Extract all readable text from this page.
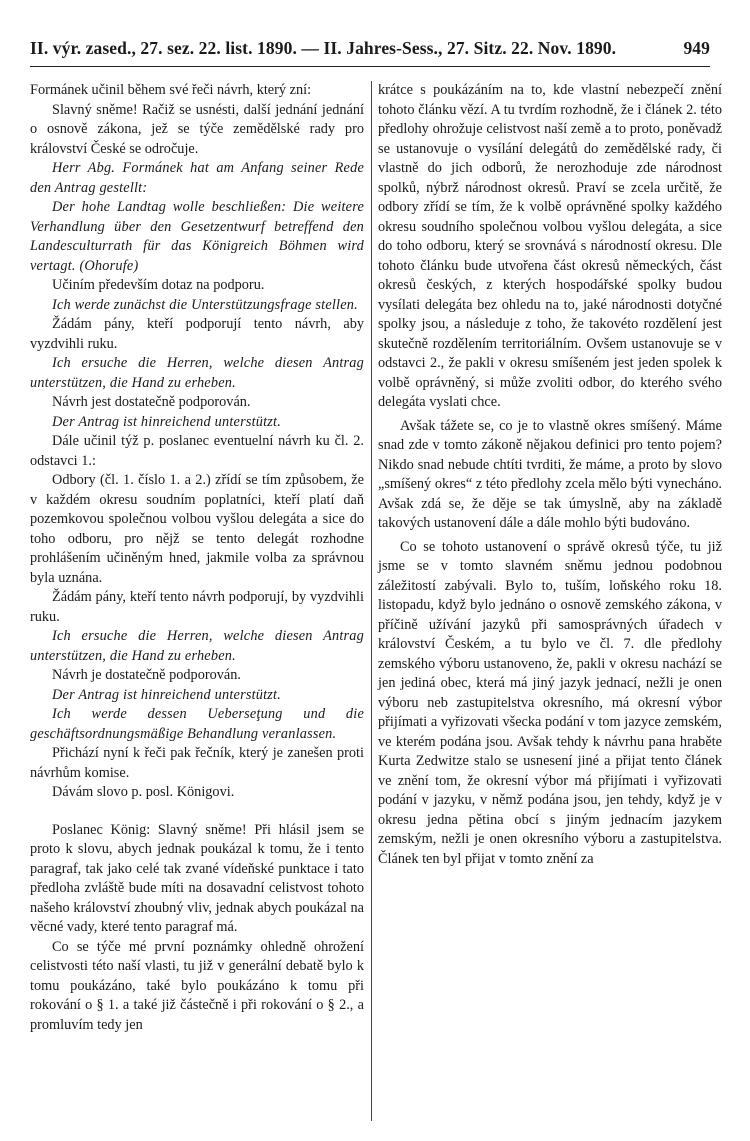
II. výr. zased., 27. sez. 22. list. 1890. — II. Jahres-Sess., 27. Sitz. 22. Nov. 1890.	949

Formánek učinil během své řeči návrh, který zní:

Slavný sněme! Račiž se usnésti, další jednání jednání o osnově zákona, jež se týče zemědělské rady pro království České se odročuje.

Herr Abg. Formánek hat am Anfang seiner Rede den Antrag gestellt:

Der hohe Landtag wolle beschließen: Die weitere Verhandlung über den Gesetzentwurf betreffend den Landesculturrath für das Königreich Böhmen wird vertagt. (Ohorufe)

Učiním především dotaz na podporu.

Ich werde zunächst die Unterstützungsfrage stellen.

Žádám pány, kteří podporují tento návrh, aby vyzdvihli ruku.

Ich ersuche die Herren, welche diesen Antrag unterstützen, die Hand zu erheben.

Návrh jest dostatečně podporován.

Der Antrag ist hinreichend unterstützt.

Dále učinil týž p. poslanec eventuelní návrh ku čl. 2. odstavci 1.:

Odbory (čl. 1. číslo 1. a 2.) zřídí se tím způsobem, že v každém okresu soudním poplatníci, kteří platí daň pozemkovou společnou volbou vyšlou delegáta a sice do toho odboru, pro nějž se tento delegát rozhodne prohlášením učiněným hned, jakmile volba za správnou byla uznána.

Žádám pány, kteří tento návrh podporují, by vyzdvihli ruku.

Ich ersuche die Herren, welche diesen Antrag unterstützen, die Hand zu erheben.

Návrh je dostatečně podporován.

Der Antrag ist hinreichend unterstützt.

Ich werde dessen Ueberseţung und die geschäftsordnungsmäßige Behandlung veranlassen.

Přichází nyní k řeči pak řečník, který je zanešen proti návrhům komise.

Dávám slovo p. posl. Königovi.

Poslanec König: Slavný sněme! Při hlásil jsem se proto k slovu, abych jednak poukázal k tomu, že i tento paragraf, tak jako celé tak zvané vídeňské punktace i tato předloha zvláště bude míti na dosavadní celistvost tohoto našeho království zhoubný vliv, jednak abych poukázal na věcné vady, které tento paragraf má.

Co se týče mé první poznámky ohledně ohrožení celistvosti této naší vlasti, tu již v generální debatě bylo k tomu poukázáno, také bylo poukázáno k tomu při rokování o § 1. a také již částečně i při rokování o § 2., a promluvím tedy jen

krátce s poukázáním na to, kde vlastní nebezpečí znění tohoto článku vězí. A tu tvrdím rozhodně, že i článek 2. této předlohy ohrožuje celistvost naší země a to proto, poněvadž se ustanovuje o vysílání delegátů do zemědělské rady, či vlastně do jich odborů, že nerozhoduje zde národnost spolků, nýbrž národnost okresů. Praví se zcela určitě, že odbory zřídí se tím, že k volbě oprávněné spolky každého okresu soudního společnou volbou vyšlou delegáta, a sice do toho odboru, který se srovnává s národností okresu. Dle tohoto článku bude utvořena část okresů německých, část okresů českých, z kterých hospodářské spolky budou vysílati delegáta bez ohledu na to, jaké národnosti dotyčné spolky jsou, a následuje z toho, že takovéto rozdělení jest skutečně rozdělením territoriálním. Ovšem ustanovuje se v odstavci 2., že pakli v okresu smíšeném jest jeden spolek k volbě oprávněný, si může zvoliti odbor, do kterého svého delegáta vyslati chce.

Avšak tážete se, co je to vlastně okres smíšený. Máme snad zde v tomto zákoně nějakou definici pro tento pojem? Nikdo snad nebude chtíti tvrditi, že máme, a proto by slovo „smíšený okres“ z této předlohy zcela mělo býti vynecháno. Avšak zdá se, že děje se tak úmyslně, aby na základě takových ustanovení dále a dále mohlo býti budováno.

Co se tohoto ustanovení o správě okresů týče, tu již jsme se v tomto slavném sněmu jednou podobnou záležitostí zabývali. Bylo to, tuším, loňského roku 18. listopadu, když bylo jednáno o osnově zemského zákona, v příčině užívání jazyků při samosprávných úřadech v království Českém, a tu bylo ve čl. 7. dle předlohy zemského výboru ustanoveno, že, pakli v okresu nachází se jen jediná obec, která má jiný jazyk jednací, nežli je onen výboru neb zastupitelstva okresního, má okresní výbor přijímati a vyřizovati všecka podání v tom jazyce zemském, ve kterém podána jsou. Avšak tehdy k návrhu pana hraběte Kurta Zedwitze stalo se usnesení jiné a přijat tento článek ve znění tom, že okresní výbor má přijímati i vyřizovati podání v jazyku, v němž podána jsou, jen tehdy, když je v okresu jedna pětina obcí s jiným jednacím jazykem zemským, nežli je onen okresního výboru a zastupitelstva. Článek ten byl přijat v tomto znění za
